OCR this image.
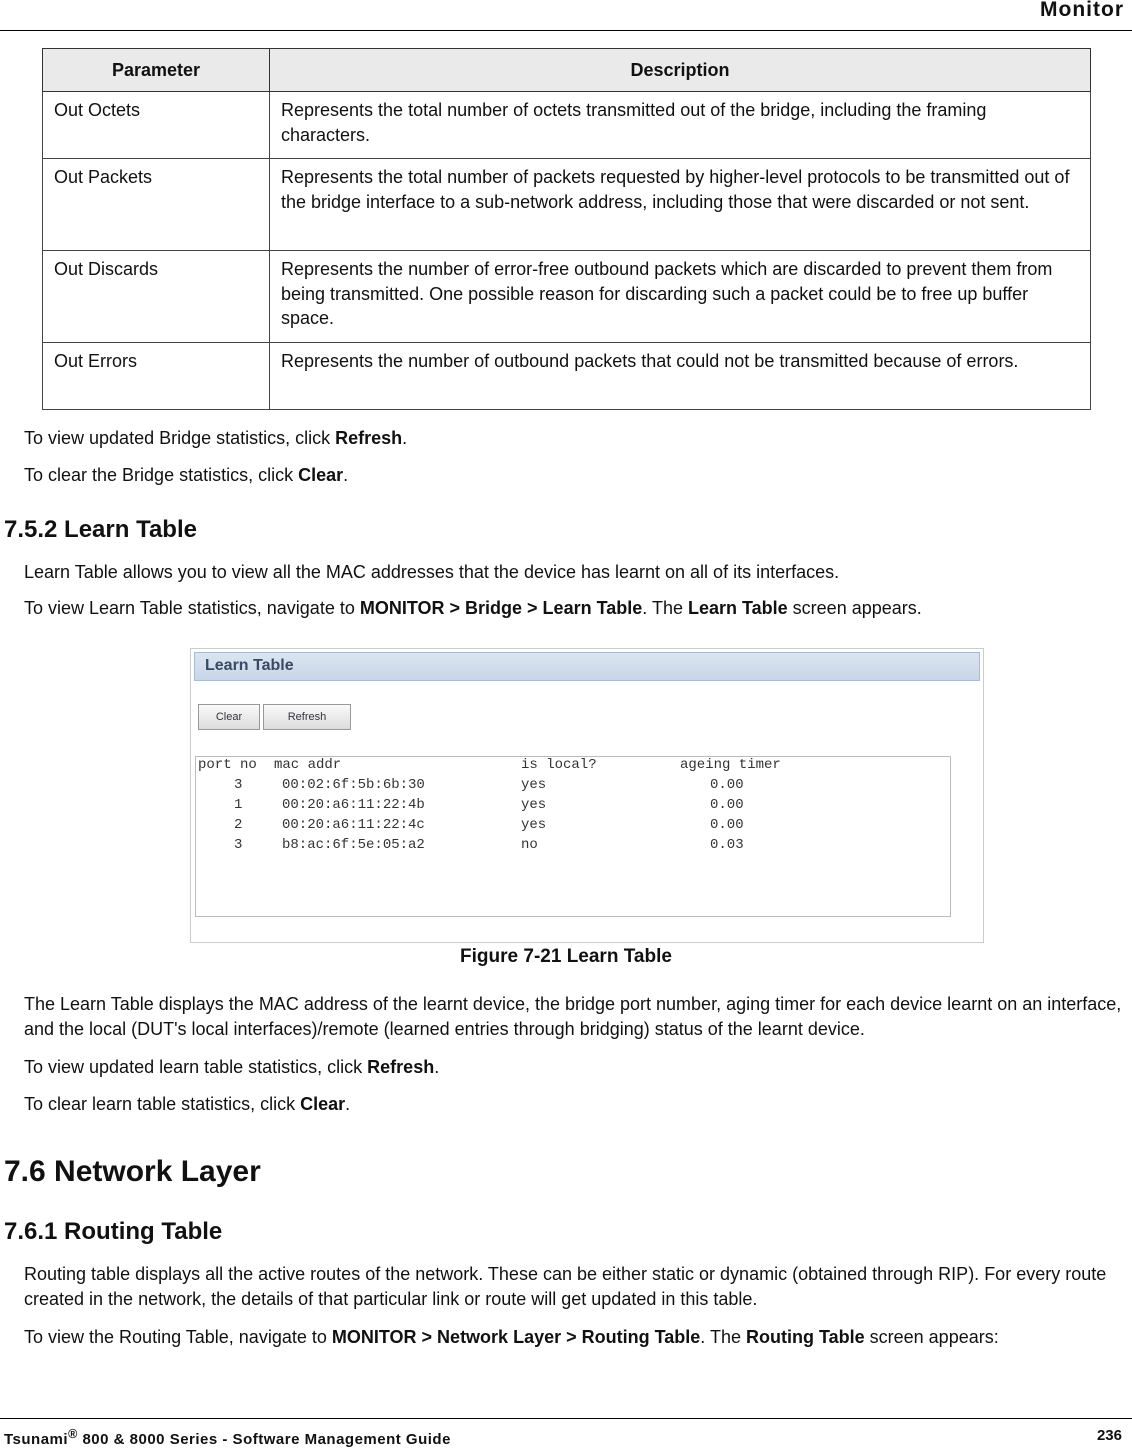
Monitor
Parameter	Description
Out Octets	Represents the total number of octets transmitted out of the bridge, including the framing characters.
Out Packets	Represents the total number of packets requested by higher-level protocols to be transmitted out of the bridge interface to a sub-network address, including those that were discarded or not sent.
Out Discards	Represents the number of error-free outbound packets which are discarded to prevent them from being transmitted. One possible reason for discarding such a packet could be to free up buffer space.
Out Errors	Represents the number of outbound packets that could not be transmitted because of errors.
To view updated Bridge statistics, click Refresh.
To clear the Bridge statistics, click Clear.
7.5.2 Learn Table
Learn Table allows you to view all the MAC addresses that the device has learnt on all of its interfaces.
To view Learn Table statistics, navigate to MONITOR > Bridge > Learn Table. The Learn Table screen appears.
Learn Table
Clear	Refresh
port no mac addr	is local?	ageing timer
3	00:02:6f:5b:6b:30	yes	0.00
1	00:20:a6:11:22:4b	yes	0.00
2	00:20:a6:11:22:4c	yes	0.00
3	b8:ac:6f:5e:05:a2	no	0.03
Figure 7-21 Learn Table
The Learn Table displays the MAC address of the learnt device, the bridge port number, aging timer for each device learnt on an interface, and the local (DUT's local interfaces)/remote (learned entries through bridging) status of the learnt device.
To view updated learn table statistics, click Refresh.
To clear learn table statistics, click Clear.
7.6 Network Layer
7.6.1 Routing Table
Routing table displays all the active routes of the network. These can be either static or dynamic (obtained through RIP). For every route created in the network, the details of that particular link or route will get updated in this table.
To view the Routing Table, navigate to MONITOR > Network Layer > Routing Table. The Routing Table screen appears:
Tsunami® 800 & 8000 Series - Software Management Guide	236
